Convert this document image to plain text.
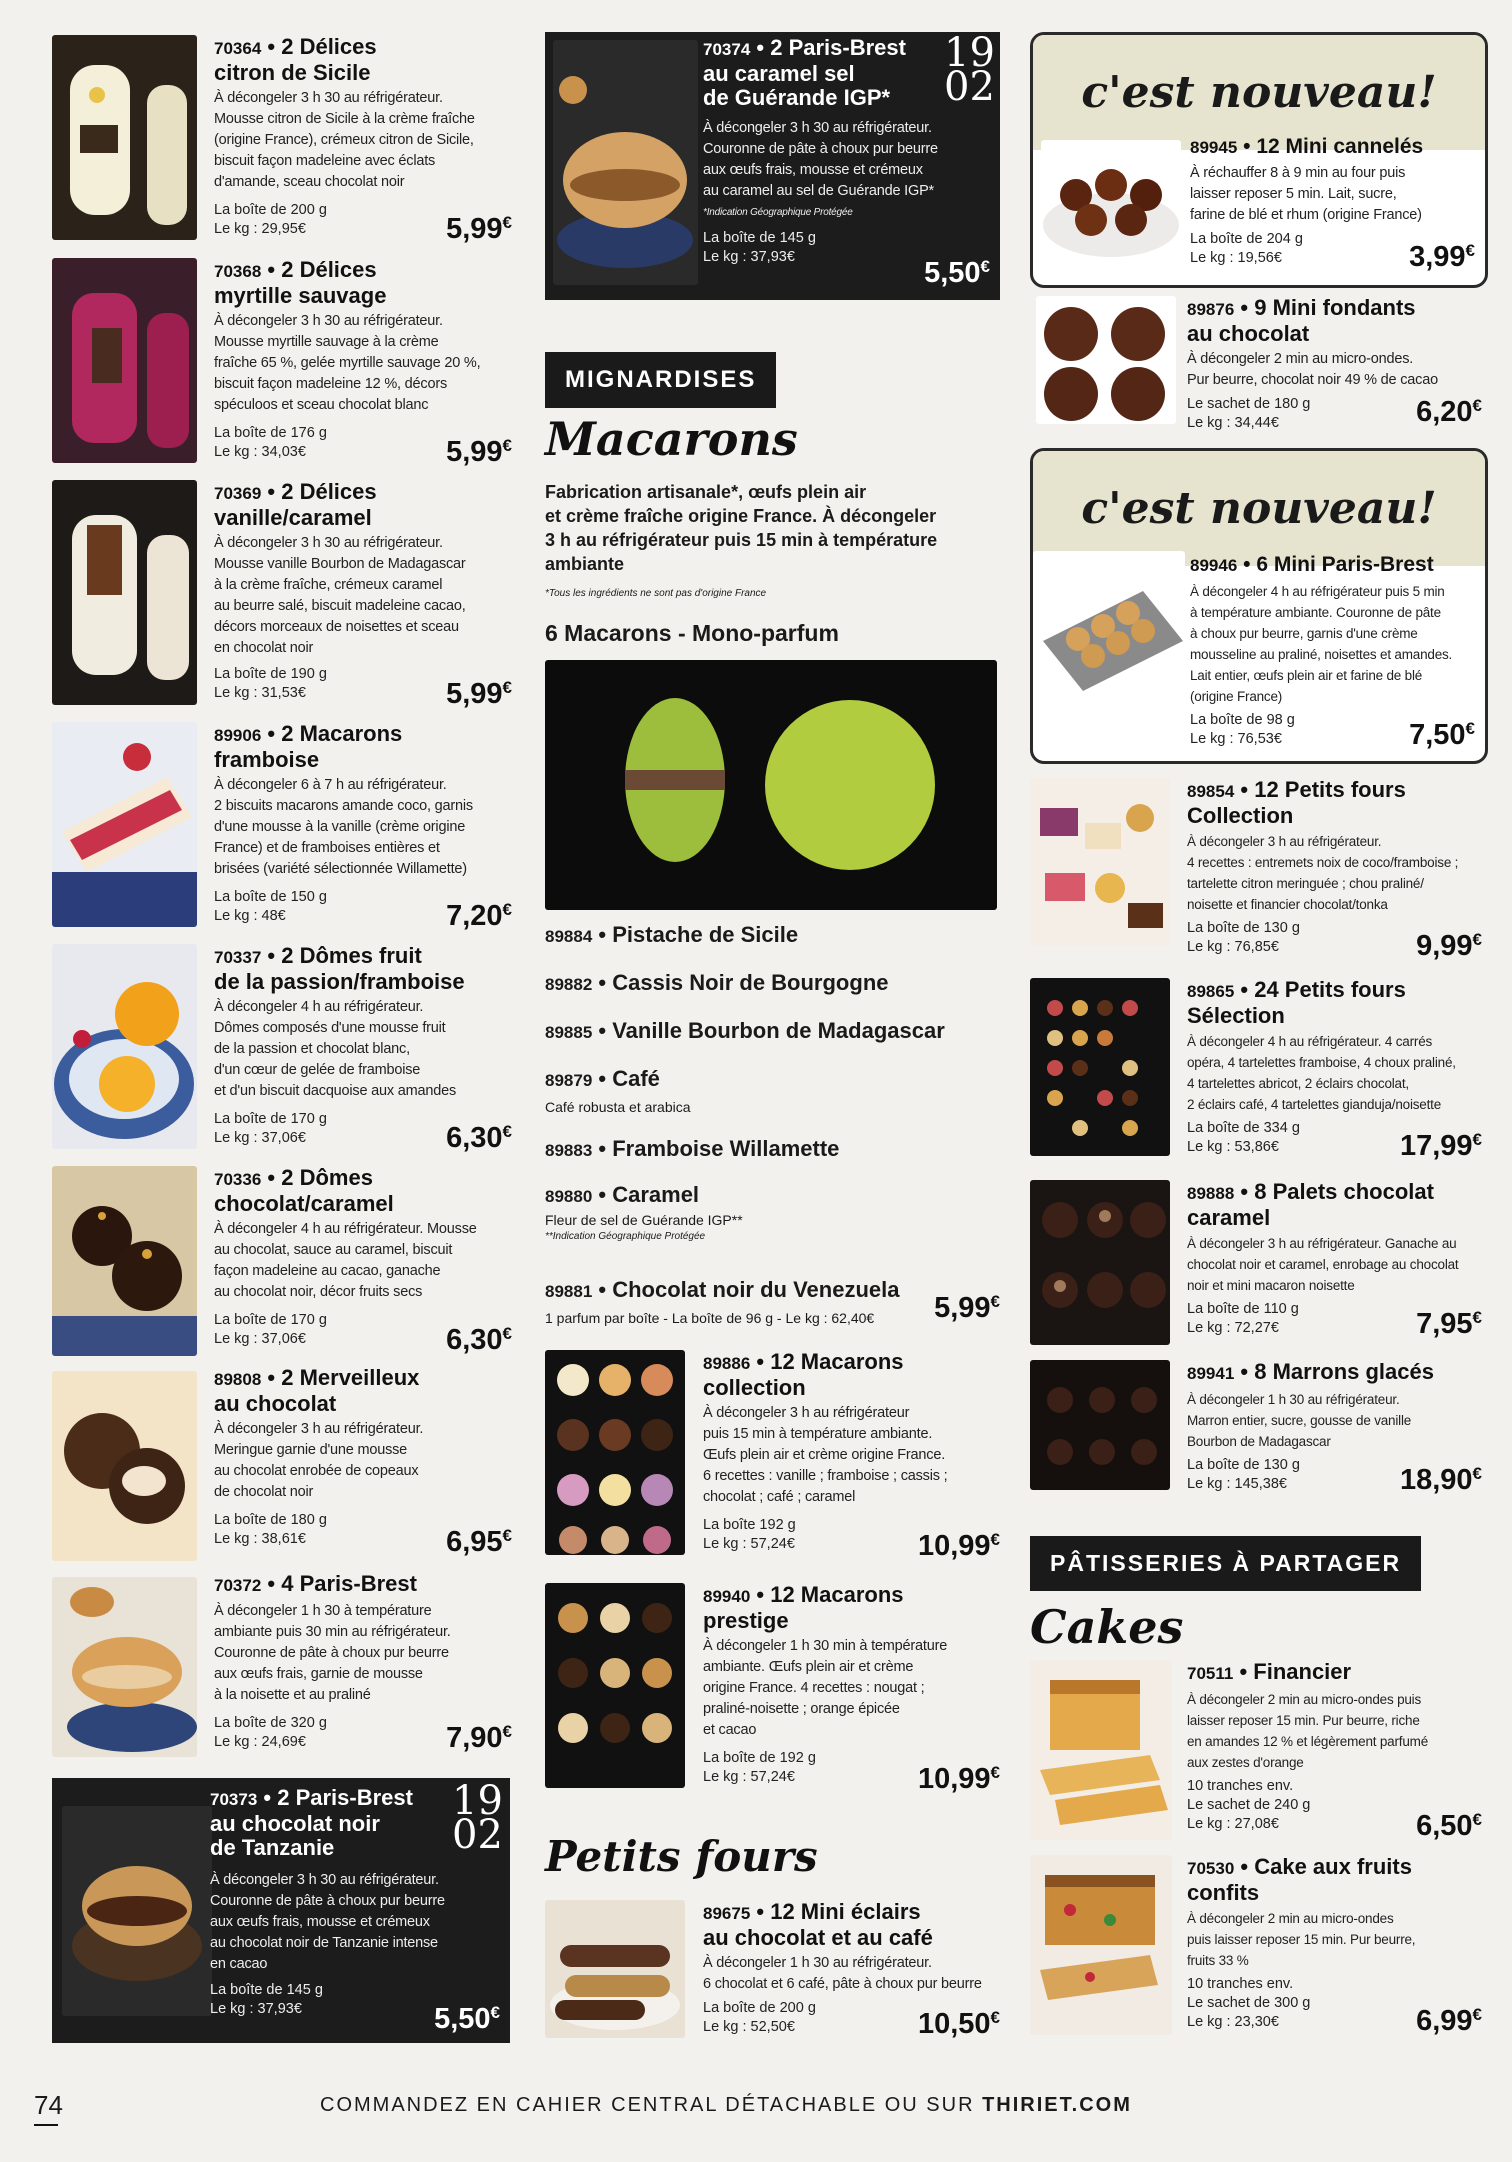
70364 • 2 Délices
citron de Sicile
À décongeler 3 h 30 au réfrigérateur.
Mousse citron de Sicile à la crème fraîche
(origine France), crémeux citron de Sicile,
biscuit façon madeleine avec éclats
d'amande, sceau chocolat noir
La boîte de 200 g
Le kg : 29,95€	5,99€
70368 • 2 Délices
myrtille sauvage
À décongeler 3 h 30 au réfrigérateur.
Mousse myrtille sauvage à la crème
fraîche 65 %, gelée myrtille sauvage 20 %,
biscuit façon madeleine 12 %, décors
spéculoos et sceau chocolat blanc
La boîte de 176 g
Le kg : 34,03€	5,99€
70369 • 2 Délices
vanille/caramel
À décongeler 3 h 30 au réfrigérateur.
Mousse vanille Bourbon de Madagascar
à la crème fraîche, crémeux caramel
au beurre salé, biscuit madeleine cacao,
décors morceaux de noisettes et sceau
en chocolat noir
La boîte de 190 g
Le kg : 31,53€	5,99€
89906 • 2 Macarons
framboise
À décongeler 6 à 7 h au réfrigérateur.
2 biscuits macarons amande coco, garnis
d'une mousse à la vanille (crème origine
France) et de framboises entières et
brisées (variété sélectionnée Willamette)
La boîte de 150 g
Le kg : 48€	7,20€
70337 • 2 Dômes fruit
de la passion/framboise
À décongeler 4 h au réfrigérateur.
Dômes composés d'une mousse fruit
de la passion et chocolat blanc,
d'un cœur de gelée de framboise
et d'un biscuit dacquoise aux amandes
La boîte de 170 g
Le kg : 37,06€	6,30€
70336 • 2 Dômes
chocolat/caramel
À décongeler 4 h au réfrigérateur. Mousse
au chocolat, sauce au caramel, biscuit
façon madeleine au cacao, ganache
au chocolat noir, décor fruits secs
La boîte de 170 g
Le kg : 37,06€	6,30€
89808 • 2 Merveilleux
au chocolat
À décongeler 3 h au réfrigérateur.
Meringue garnie d'une mousse
au chocolat enrobée de copeaux
de chocolat noir
La boîte de 180 g
Le kg : 38,61€	6,95€
70372 • 4 Paris-Brest
À décongeler 1 h 30 à température
ambiante puis 30 min au réfrigérateur.
Couronne de pâte à choux pur beurre
aux œufs frais, garnie de mousse
à la noisette et au praliné
La boîte de 320 g
Le kg : 24,69€	7,90€
70373 • 2 Paris-Brest
au chocolat noir
de Tanzanie
À décongeler 3 h 30 au réfrigérateur.
Couronne de pâte à choux pur beurre
aux œufs frais, mousse et crémeux
au chocolat noir de Tanzanie intense
en cacao
La boîte de 145 g
Le kg : 37,93€
19 02
5,50€
70374 • 2 Paris-Brest
au caramel sel
de Guérande IGP*
À décongeler 3 h 30 au réfrigérateur.
Couronne de pâte à choux pur beurre
aux œufs frais, mousse et crémeux
au caramel au sel de Guérande IGP*
*Indication Géographique Protégée
La boîte de 145 g
Le kg : 37,93€
19 02
5,50€
MIGNARDISES
Macarons
Fabrication artisanale*, œufs plein air
et crème fraîche origine France. À décongeler
3 h au réfrigérateur puis 15 min à température
ambiante
*Tous les ingrédients ne sont pas d'origine France
6 Macarons - Mono-parfum
89884 • Pistache de Sicile
89882 • Cassis Noir de Bourgogne
89885 • Vanille Bourbon de Madagascar
89879 • Café
Café robusta et arabica
89883 • Framboise Willamette
89880 • Caramel
Fleur de sel de Guérande IGP**
**Indication Géographique Protégée
89881 • Chocolat noir du Venezuela
1 parfum par boîte - La boîte de 96 g - Le kg : 62,40€ 5,99€
89886 • 12 Macarons
collection
À décongeler 3 h au réfrigérateur
puis 15 min à température ambiante.
Œufs plein air et crème origine France.
6 recettes : vanille ; framboise ; cassis ;
chocolat ; café ; caramel
La boîte 192 g
Le kg : 57,24€	10,99€
89940 • 12 Macarons
prestige
À décongeler 1 h 30 min à température
ambiante. Œufs plein air et crème
origine France. 4 recettes : nougat ;
praliné-noisette ; orange épicée
et cacao
La boîte de 192 g
Le kg : 57,24€	10,99€
Petits fours
89675 • 12 Mini éclairs
au chocolat et au café
À décongeler 1 h 30 au réfrigérateur.
6 chocolat et 6 café, pâte à choux pur beurre
La boîte de 200 g
Le kg : 52,50€	10,50€
c'est nouveau!
89945 • 12 Mini cannelés
À réchauffer 8 à 9 min au four puis
laisser reposer 5 min. Lait, sucre,
farine de blé et rhum (origine France)
La boîte de 204 g
Le kg : 19,56€	3,99€
89876 • 9 Mini fondants
au chocolat
À décongeler 2 min au micro-ondes.
Pur beurre, chocolat noir 49 % de cacao
Le sachet de 180 g
Le kg : 34,44€	6,20€
c'est nouveau!
89946 • 6 Mini Paris-Brest
À décongeler 4 h au réfrigérateur puis 5 min
à température ambiante. Couronne de pâte
à choux pur beurre, garnis d'une crème
mousseline au praliné, noisettes et amandes.
Lait entier, œufs plein air et farine de blé
(origine France)
La boîte de 98 g
Le kg : 76,53€	7,50€
89854 • 12 Petits fours
Collection
À décongeler 3 h au réfrigérateur.
4 recettes : entremets noix de coco/framboise ;
tartelette citron meringuée ; chou praliné/
noisette et financier chocolat/tonka
La boîte de 130 g
Le kg : 76,85€	9,99€
89865 • 24 Petits fours
Sélection
À décongeler 4 h au réfrigérateur. 4 carrés
opéra, 4 tartelettes framboise, 4 choux praliné,
4 tartelettes abricot, 2 éclairs chocolat,
2 éclairs café, 4 tartelettes gianduja/noisette
La boîte de 334 g
Le kg : 53,86€	17,99€
89888 • 8 Palets chocolat
caramel
À décongeler 3 h au réfrigérateur. Ganache au
chocolat noir et caramel, enrobage au chocolat
noir et mini macaron noisette
La boîte de 110 g
Le kg : 72,27€	7,95€
89941 • 8 Marrons glacés
À décongeler 1 h 30 au réfrigérateur.
Marron entier, sucre, gousse de vanille
Bourbon de Madagascar
La boîte de 130 g
Le kg : 145,38€	18,90€
PÂTISSERIES À PARTAGER
Cakes
70511 • Financier
À décongeler 2 min au micro-ondes puis
laisser reposer 15 min. Pur beurre, riche
en amandes 12 % et légèrement parfumé
aux zestes d'orange
10 tranches env.
Le sachet de 240 g
Le kg : 27,08€	6,50€
70530 • Cake aux fruits
confits
À décongeler 2 min au micro-ondes
puis laisser reposer 15 min. Pur beurre,
fruits 33 %
10 tranches env.
Le sachet de 300 g
Le kg : 23,30€	6,99€
74	COMMANDEZ EN CAHIER CENTRAL DÉTACHABLE OU SUR THIRIET.COM
